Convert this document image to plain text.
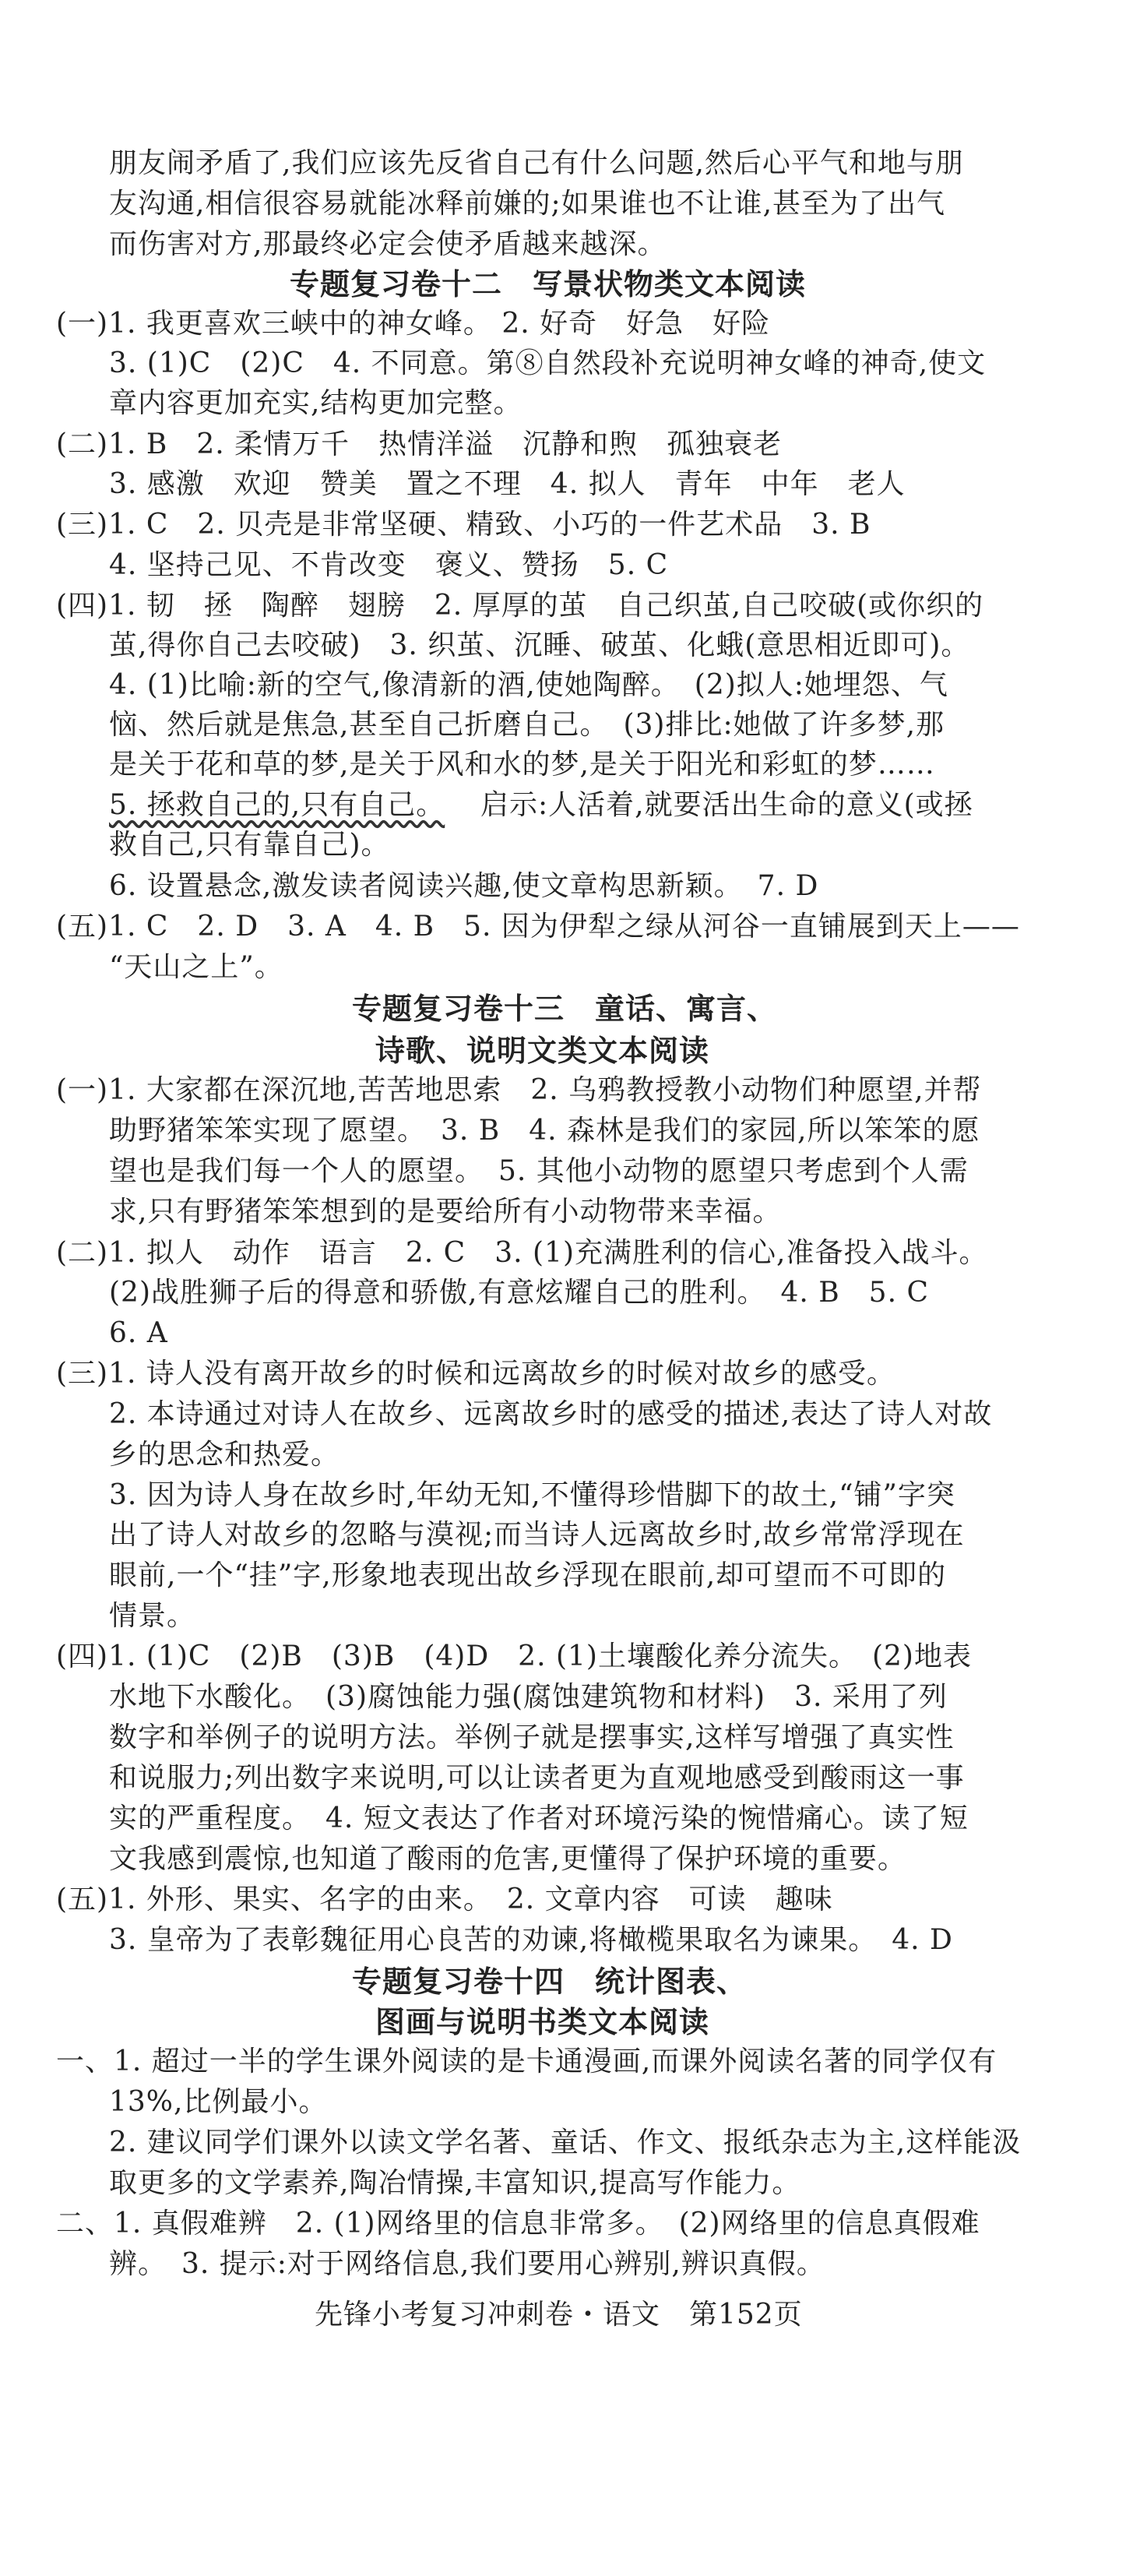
朋友闹矛盾了,我们应该先反省自己有什么问题,然后心平气和地与朋
友沟通,相信很容易就能冰释前嫌的;如果谁也不让谁,甚至为了出气
而伤害对方,那最终必定会使矛盾越来越深。
专题复习卷十二　写景状物类文本阅读
(一)1. 我更喜欢三峡中的神女峰。 2. 好奇　好急　好险
3. (1)C　(2)C　4. 不同意。第⑧自然段补充说明神女峰的神奇,使文
章内容更加充实,结构更加完整。
(二)1. B　2. 柔情万千　热情洋溢　沉静和煦　孤独衰老
3. 感激　欢迎　赞美　置之不理　4. 拟人　青年　中年　老人
(三)1. C　2. 贝壳是非常坚硬、精致、小巧的一件艺术品　3. B
4. 坚持己见、不肯改变　褒义、赞扬　5. C
(四)1. 韧　拯　陶醉　翅膀　2. 厚厚的茧　自己织茧,自己咬破(或你织的
茧,得你自己去咬破)　3. 织茧、沉睡、破茧、化蛾(意思相近即可)。
4. (1)比喻:新的空气,像清新的酒,使她陶醉。　(2)拟人:她埋怨、气
恼、然后就是焦急,甚至自己折磨自己。　(3)排比:她做了许多梦,那
是关于花和草的梦,是关于风和水的梦,是关于阳光和彩虹的梦……
5. 拯救自己的,只有自己。 　启示:人活着,就要活出生命的意义(或拯
救自己,只有靠自己)。
6. 设置悬念,激发读者阅读兴趣,使文章构思新颖。　7. D
(五)1. C　2. D　3. A　4. B　5. 因为伊犁之绿从河谷一直铺展到天上——
“天山之上”。
专题复习卷十三　童话、寓言、
诗歌、说明文类文本阅读
(一)1. 大家都在深沉地,苦苦地思索　2. 乌鸦教授教小动物们种愿望,并帮
助野猪笨笨实现了愿望。　3. B　4. 森林是我们的家园,所以笨笨的愿
望也是我们每一个人的愿望。　5. 其他小动物的愿望只考虑到个人需
求,只有野猪笨笨想到的是要给所有小动物带来幸福。
(二)1. 拟人　动作　语言　2. C　3. (1)充满胜利的信心,准备投入战斗。
(2)战胜狮子后的得意和骄傲,有意炫耀自己的胜利。　4. B　5. C
6. A
(三)1. 诗人没有离开故乡的时候和远离故乡的时候对故乡的感受。
2. 本诗通过对诗人在故乡、远离故乡时的感受的描述,表达了诗人对故
乡的思念和热爱。
3. 因为诗人身在故乡时,年幼无知,不懂得珍惜脚下的故土,“铺”字突
出了诗人对故乡的忽略与漠视;而当诗人远离故乡时,故乡常常浮现在
眼前,一个“挂”字,形象地表现出故乡浮现在眼前,却可望而不可即的
情景。
(四)1. (1)C　(2)B　(3)B　(4)D　2. (1)土壤酸化养分流失。　(2)地表
水地下水酸化。　(3)腐蚀能力强(腐蚀建筑物和材料)　3. 采用了列
数字和举例子的说明方法。举例子就是摆事实,这样写增强了真实性
和说服力;列出数字来说明,可以让读者更为直观地感受到酸雨这一事
实的严重程度。　4. 短文表达了作者对环境污染的惋惜痛心。读了短
文我感到震惊,也知道了酸雨的危害,更懂得了保护环境的重要。
(五)1. 外形、果实、名字的由来。　2. 文章内容　可读　趣味
3. 皇帝为了表彰魏征用心良苦的劝谏,将橄榄果取名为谏果。　4. D
专题复习卷十四　统计图表、
图画与说明书类文本阅读
一、1. 超过一半的学生课外阅读的是卡通漫画,而课外阅读名著的同学仅有
13%,比例最小。
2. 建议同学们课外以读文学名著、童话、作文、报纸杂志为主,这样能汲
取更多的文学素养,陶冶情操,丰富知识,提高写作能力。
二、1. 真假难辨　2. (1)网络里的信息非常多。　(2)网络里的信息真假难
辨。　3. 提示:对于网络信息,我们要用心辨别,辨识真假。
先锋小考复习冲刺卷・语文　第152页
